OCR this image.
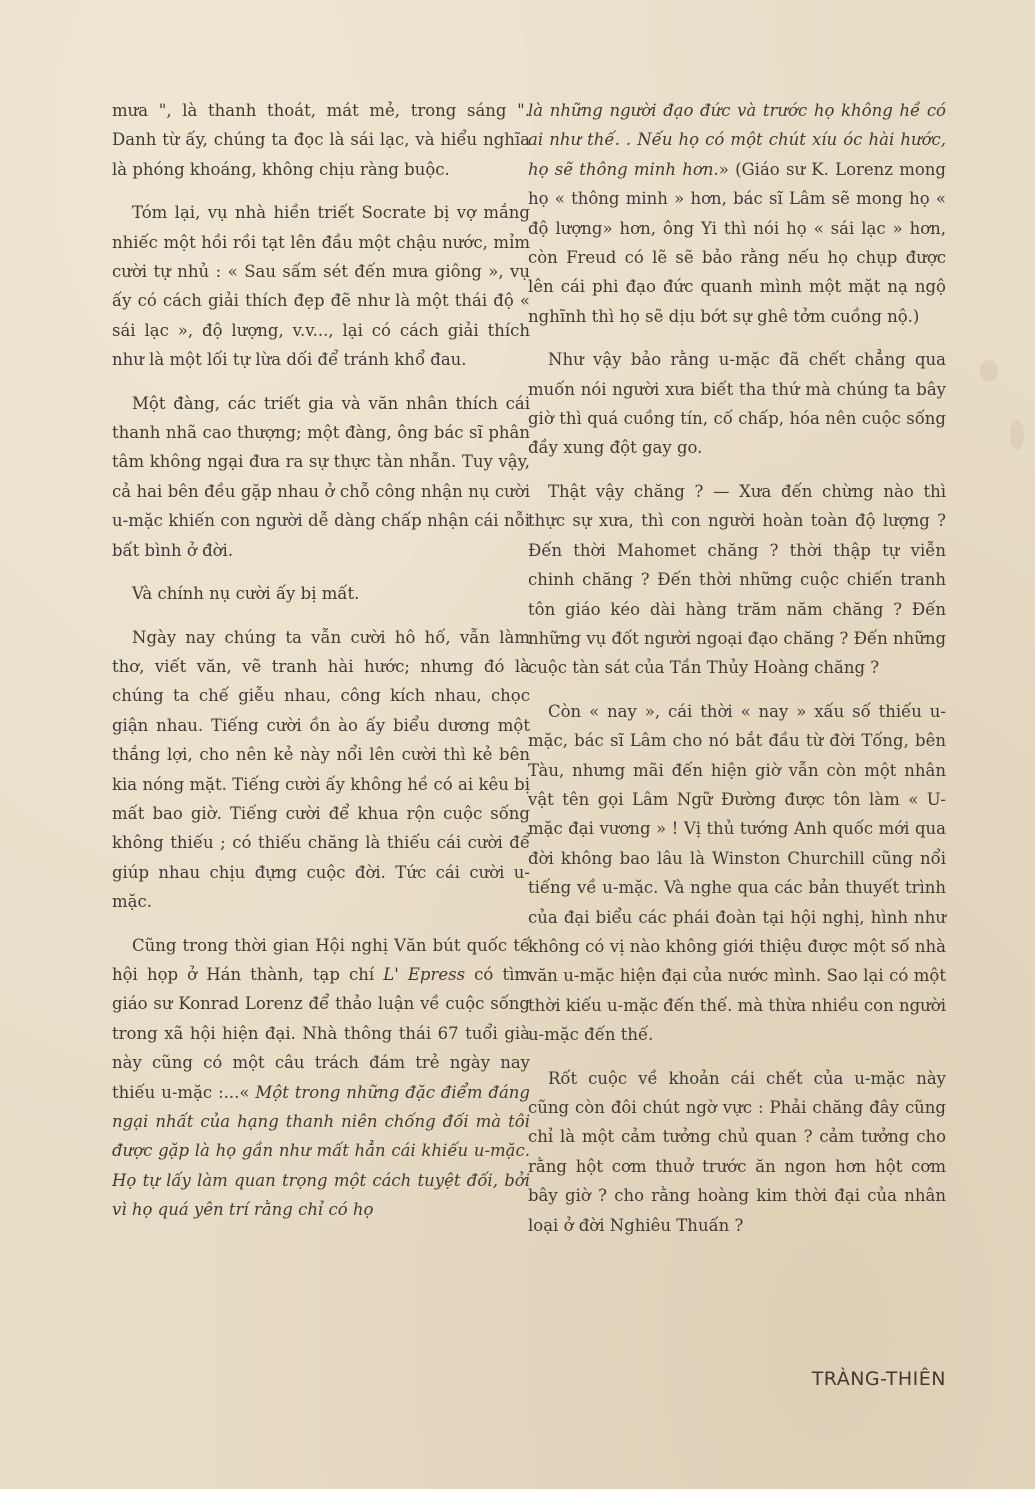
mưa ", là thanh thoát, mát mẻ, trong sáng ". Danh từ ấy, chúng ta đọc là sái lạc, và hiểu nghĩa là phóng khoáng, không chịu ràng buộc.

Tóm lại, vụ nhà hiền triết Socrate bị vợ mắng nhiếc một hồi rồi tạt lên đầu một chậu nước, mỉm cười tự nhủ : « Sau sấm sét đến mưa giông », vụ ấy có cách giải thích đẹp đẽ như là một thái độ « sái lạc », độ lượng, v.v..., lại có cách giải thích như là một lối tự lừa dối để tránh khổ đau.

Một đàng, các triết gia và văn nhân thích cái thanh nhã cao thượng; một đàng, ông bác sĩ phân tâm không ngại đưa ra sự thực tàn nhẫn. Tuy vậy, cả hai bên đều gặp nhau ở chỗ công nhận nụ cười u-mặc khiến con người dễ dàng chấp nhận cái nỗi bất bình ở đời.

Và chính nụ cười ấy bị mất.

Ngày nay chúng ta vẫn cười hô hố, vẫn làm thơ, viết văn, vẽ tranh hài hước; nhưng đó là chúng ta chế giễu nhau, công kích nhau, chọc giận nhau. Tiếng cười ồn ào ấy biểu dương một thắng lợi, cho nên kẻ này nổi lên cười thì kẻ bên kia nóng mặt. Tiếng cười ấy không hề có ai kêu bị mất bao giờ. Tiếng cười để khua rộn cuộc sống không thiếu ; có thiếu chăng là thiếu cái cười để giúp nhau chịu đựng cuộc đời. Tức cái cười u-mặc.

Cũng trong thời gian Hội nghị Văn bút quốc tế hội họp ở Hán thành, tạp chí L' Epress có tìm giáo sư Konrad Lorenz để thảo luận về cuộc sống trong xã hội hiện đại. Nhà thông thái 67 tuổi già này cũng có một câu trách đám trẻ ngày nay thiếu u-mặc :...« Một trong những đặc điểm đáng ngại nhất của hạng thanh niên chống đối mà tôi được gặp là họ gần như mất hẳn cái khiếu u-mặc. Họ tự lấy làm quan trọng một cách tuyệt đối, bởi vì họ quá yên trí rằng chỉ có họ

là những người đạo đức và trước họ không hề có ai như thế. . Nếu họ có một chút xíu óc hài hước, họ sẽ thông minh hơn.» (Giáo sư K. Lorenz mong họ « thông minh » hơn, bác sĩ Lâm sẽ mong họ « độ lượng» hơn, ông Yi thì nói họ « sái lạc » hơn, còn Freud có lẽ sẽ bảo rằng nếu họ chụp được lên cái phi đạo đức quanh mình một mặt nạ ngộ nghĩnh thì họ sẽ dịu bớt sự ghê tởm cuồng nộ.)

Như vậy bảo rằng u-mặc đã chết chẳng qua muốn nói người xưa biết tha thứ mà chúng ta bây giờ thì quá cuồng tín, cố chấp, hóa nên cuộc sống đầy xung đột gay go.

Thật vậy chăng ? — Xưa đến chừng nào thì thực sự xưa, thì con người hoàn toàn độ lượng ? Đến thời Mahomet chăng ? thời thập tự viễn chinh chăng ? Đến thời những cuộc chiến tranh tôn giáo kéo dài hàng trăm năm chăng ? Đến những vụ đốt người ngoại đạo chăng ? Đến những cuộc tàn sát của Tần Thủy Hoàng chăng ?

Còn « nay », cái thời « nay » xấu số thiếu u-mặc, bác sĩ Lâm cho nó bắt đầu từ đời Tống, bên Tàu, nhưng mãi đến hiện giờ vẫn còn một nhân vật tên gọi Lâm Ngữ Đường được tôn làm « U-mặc đại vương » ! Vị thủ tướng Anh quốc mới qua đời không bao lâu là Winston Churchill cũng nổi tiếng về u-mặc. Và nghe qua các bản thuyết trình của đại biểu các phái đoàn tại hội nghị, hình như không có vị nào không giới thiệu được một số nhà văn u-mặc hiện đại của nước mình. Sao lại có một thời kiếu u-mặc đến thế. mà thừa nhiều con người u-mặc đến thế.

Rốt cuộc về khoản cái chết của u-mặc này cũng còn đôi chút ngờ vực : Phải chăng đây cũng chỉ là một cảm tưởng chủ quan ? cảm tưởng cho rằng hột cơm thuở trước ăn ngon hơn hột cơm bây giờ ? cho rằng hoàng kim thời đại của nhân loại ở đời Nghiêu Thuấn ?

TRÀNG-THIÊN
